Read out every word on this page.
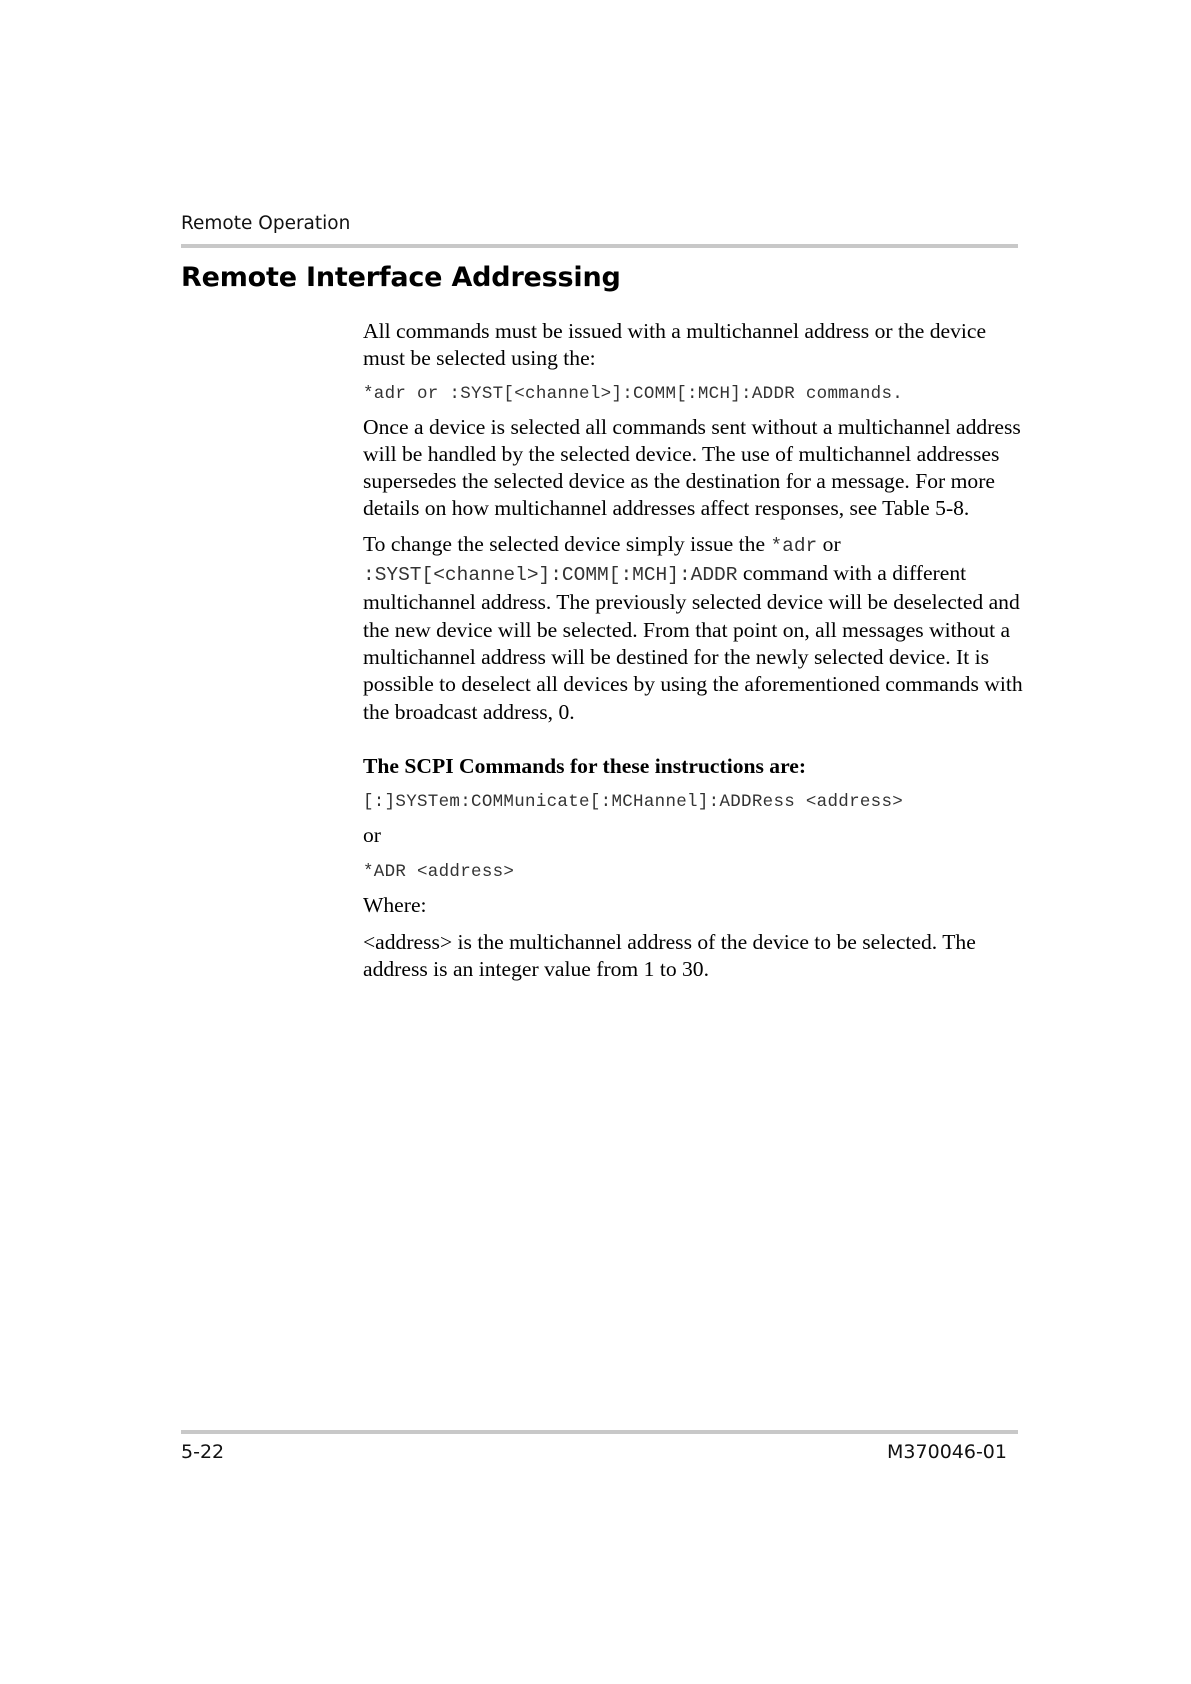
Remote Operation
Remote Interface Addressing

All commands must be issued with a multichannel address or the device must be selected using the:

*adr or :SYST[<channel>]:COMM[:MCH]:ADDR commands.

Once a device is selected all commands sent without a multichannel address will be handled by the selected device. The use of multichannel addresses supersedes the selected device as the destination for a message. For more details on how multichannel addresses affect responses, see Table 5-8.

To change the selected device simply issue the *adr or
:SYST[<channel>]:COMM[:MCH]:ADDR command with a different multichannel address. The previously selected device will be deselected and the new device will be selected. From that point on, all messages without a multichannel address will be destined for the newly selected device. It is possible to deselect all devices by using the aforementioned commands with the broadcast address, 0.

The SCPI Commands for these instructions are:

[:]SYSTem:COMMunicate[:MCHannel]:ADDRess <address>

or

*ADR <address>

Where:

<address> is the multichannel address of the device to be selected. The address is an integer value from 1 to 30.

5-22	M370046-01
